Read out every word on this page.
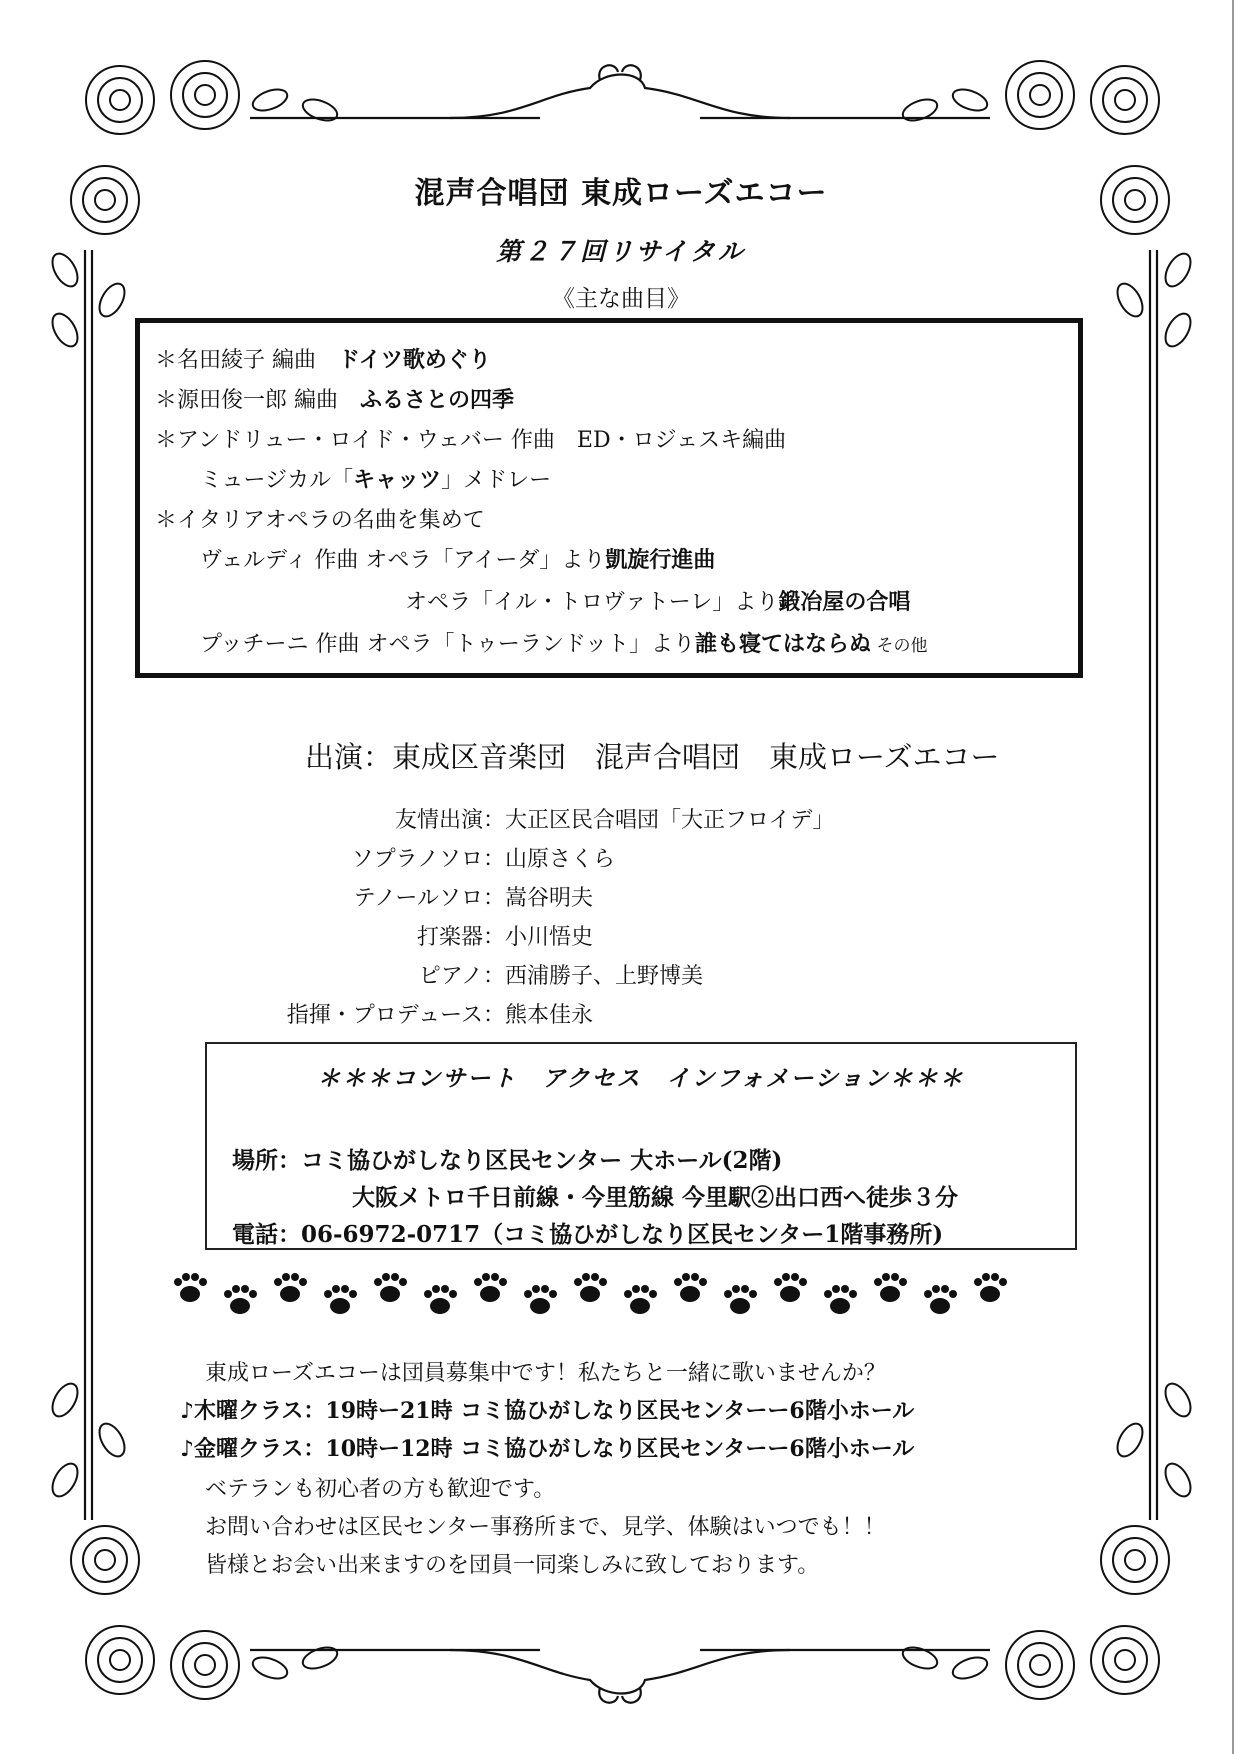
混声合唱団 東成ローズエコー
第２７回リサイタル
《主な曲目》
＊名田綾子 編曲　ドイツ歌めぐり
＊源田俊一郎 編曲　ふるさとの四季
＊アンドリュー・ロイド・ウェバー 作曲　ED・ロジェスキ編曲
ミュージカル「キャッツ」メドレー
＊イタリアオペラの名曲を集めて
ヴェルディ 作曲 オペラ「アイーダ」より凱旋行進曲
オペラ「イル・トロヴァトーレ」より鍛冶屋の合唱
プッチーニ 作曲 オペラ「トゥーランドット」より誰も寝てはならぬ その他
出演：東成区音楽団　混声合唱団　東成ローズエコー
友情出演： 大正区民合唱団「大正フロイデ」
ソプラノソロ： 山原さくら
テノールソロ： 嵩谷明夫
打楽器： 小川悟史
ピアノ： 西浦勝子、上野博美
指揮・プロデュース： 熊本佳永
＊＊＊コンサート　アクセス　インフォメーション＊＊＊
場所：コミ協ひがしなり区民センター 大ホール(2階)
大阪メトロ千日前線・今里筋線 今里駅②出口西へ徒歩３分
電話：06-6972-0717（コミ協ひがしなり区民センター1階事務所)
東成ローズエコーは団員募集中です！私たちと一緒に歌いませんか？
♪木曜クラス：19時ー21時 コミ協ひがしなり区民センターー6階小ホール
♪金曜クラス：10時ー12時 コミ協ひがしなり区民センターー6階小ホール
ベテランも初心者の方も歓迎です。
お問い合わせは区民センター事務所まで、見学、体験はいつでも！！
皆様とお会い出来ますのを団員一同楽しみに致しております。
